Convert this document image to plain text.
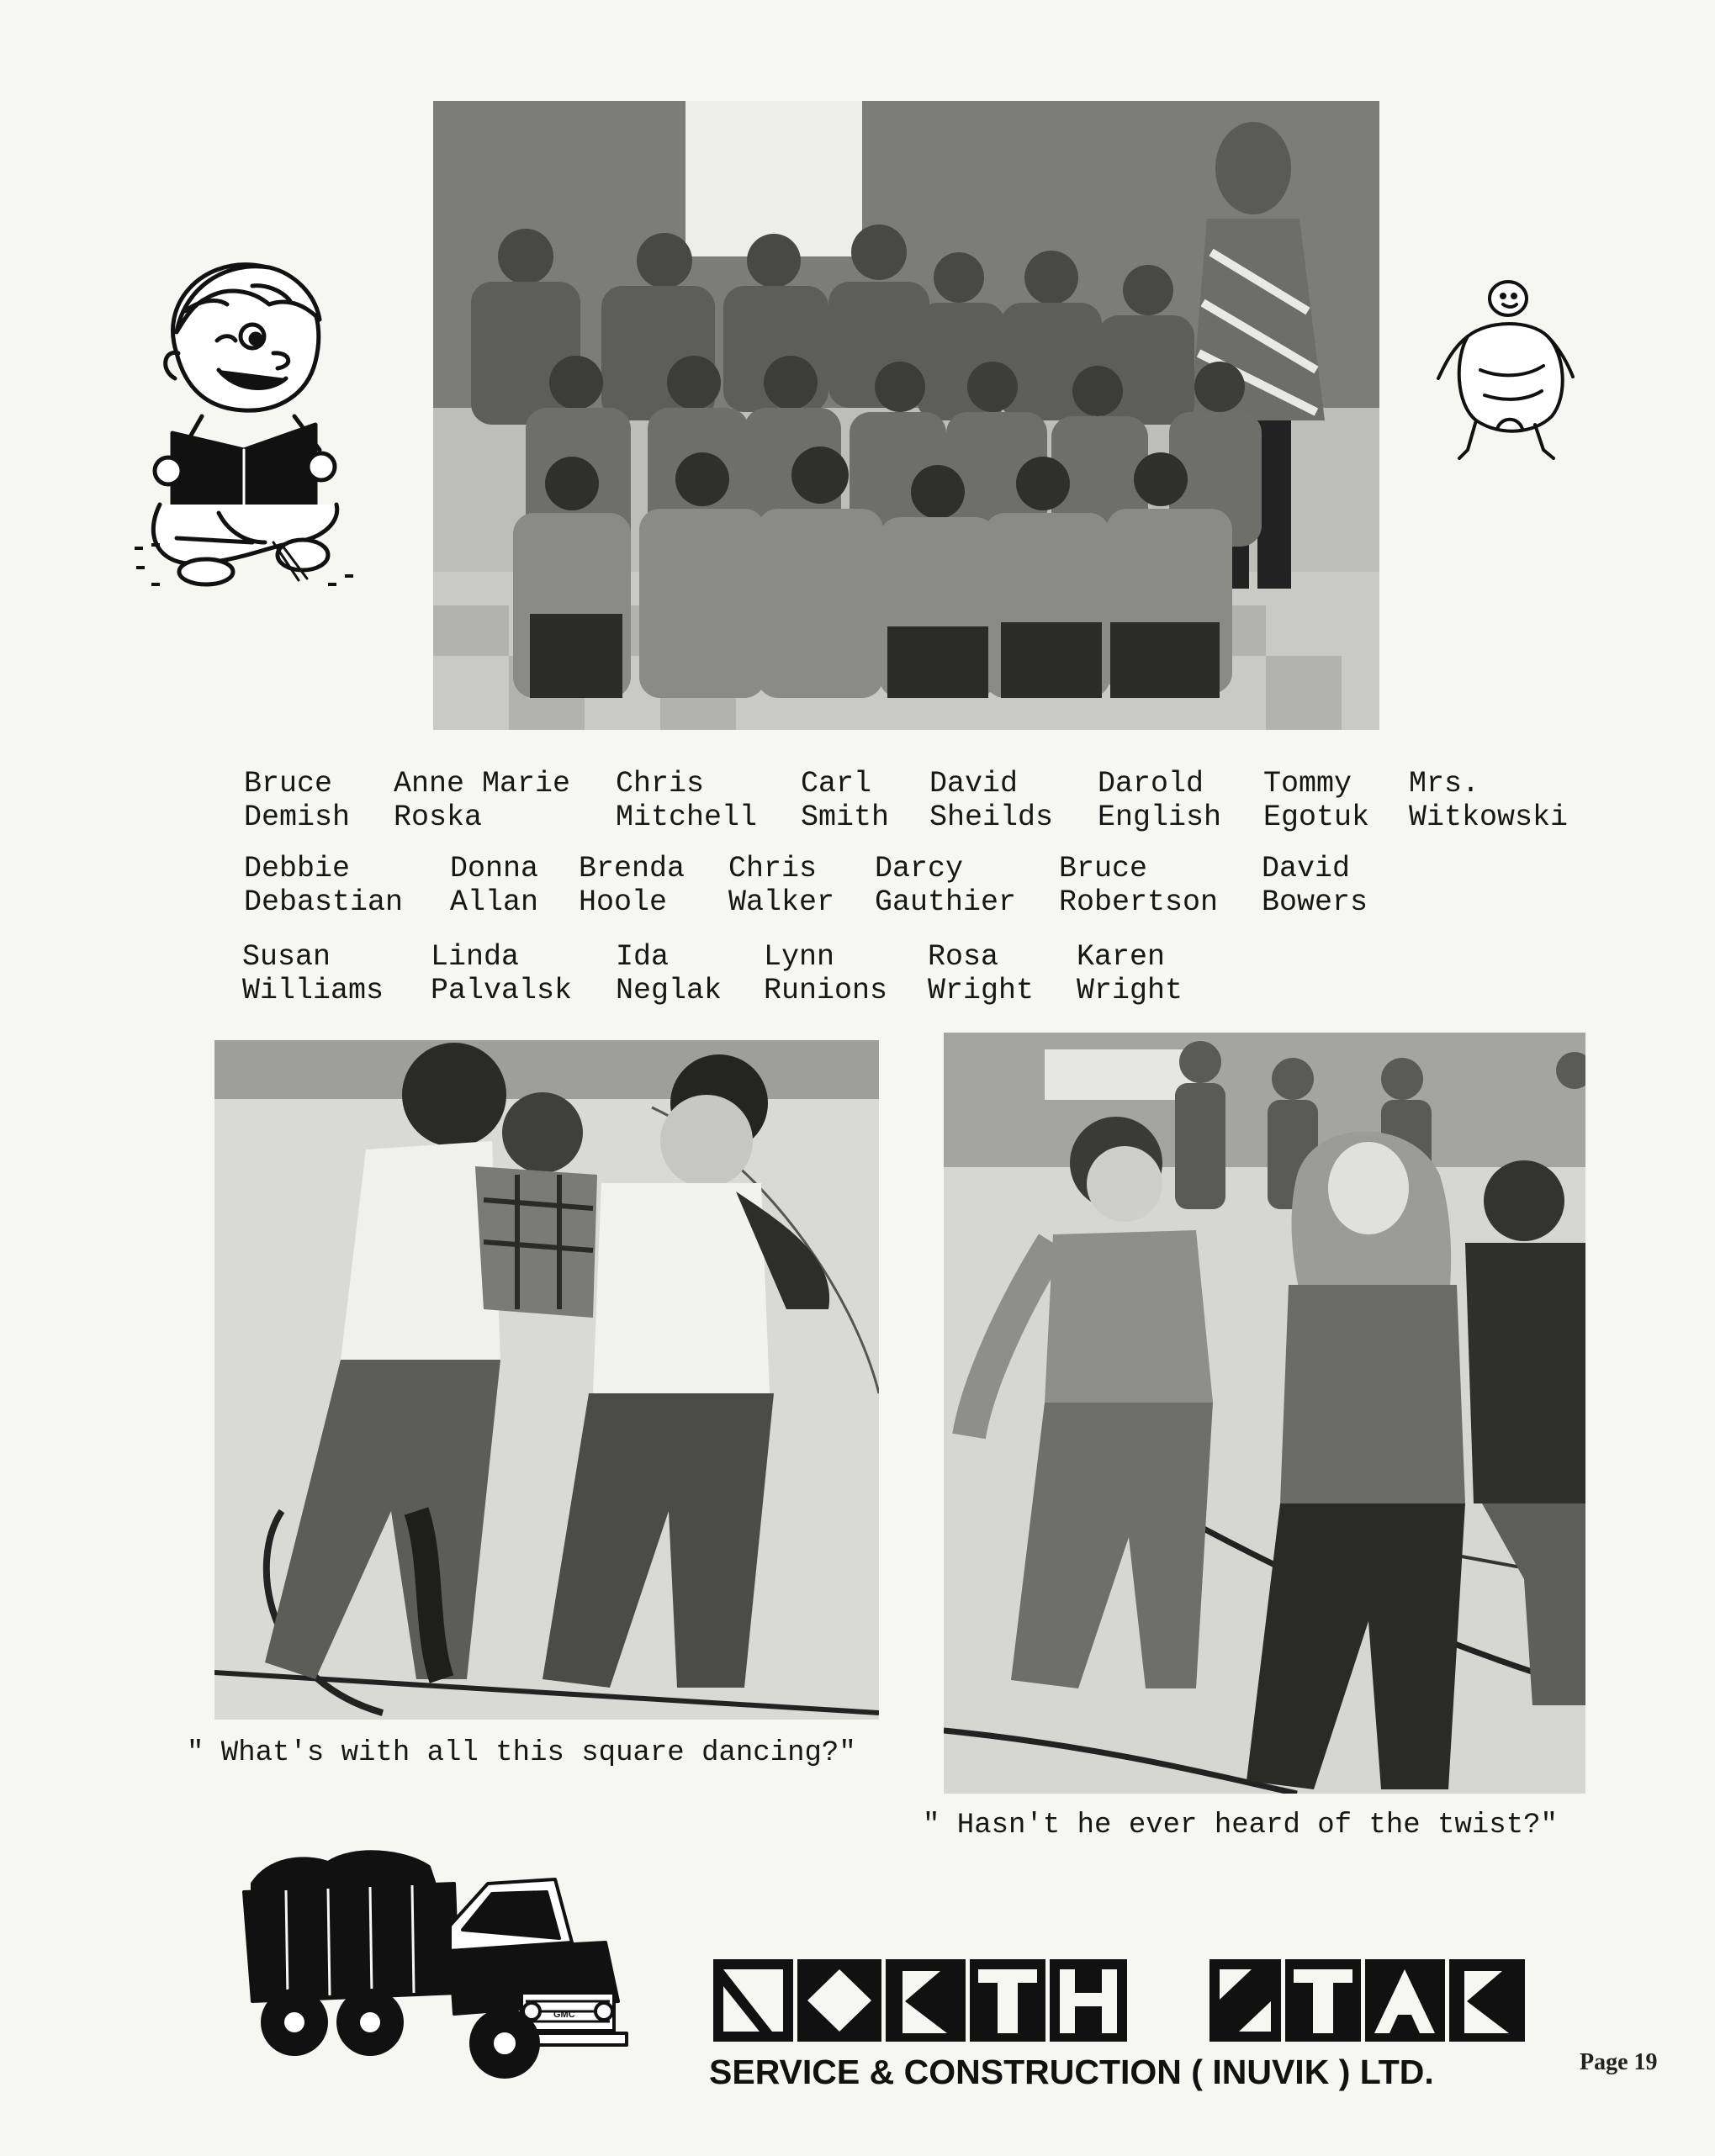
Bruce
Demish
Anne Marie
Roska
Chris
Mitchell
Carl
Smith
David
Sheilds
Darold
English
Tommy
Egotuk
Mrs.
Witkowski
Debbie
Debastian
Donna
Allan
Brenda
Hoole
Chris
Walker
Darcy
Gauthier
Bruce
Robertson
David
Bowers
Susan
Williams
Linda
Palvalsk
Ida
Neglak
Lynn
Runions
Rosa
Wright
Karen
Wright
" What's with all this square dancing?"
" Hasn't he ever heard of the twist?"
GMC
SERVICE & CONSTRUCTION ( INUVIK ) LTD.	Page 19
